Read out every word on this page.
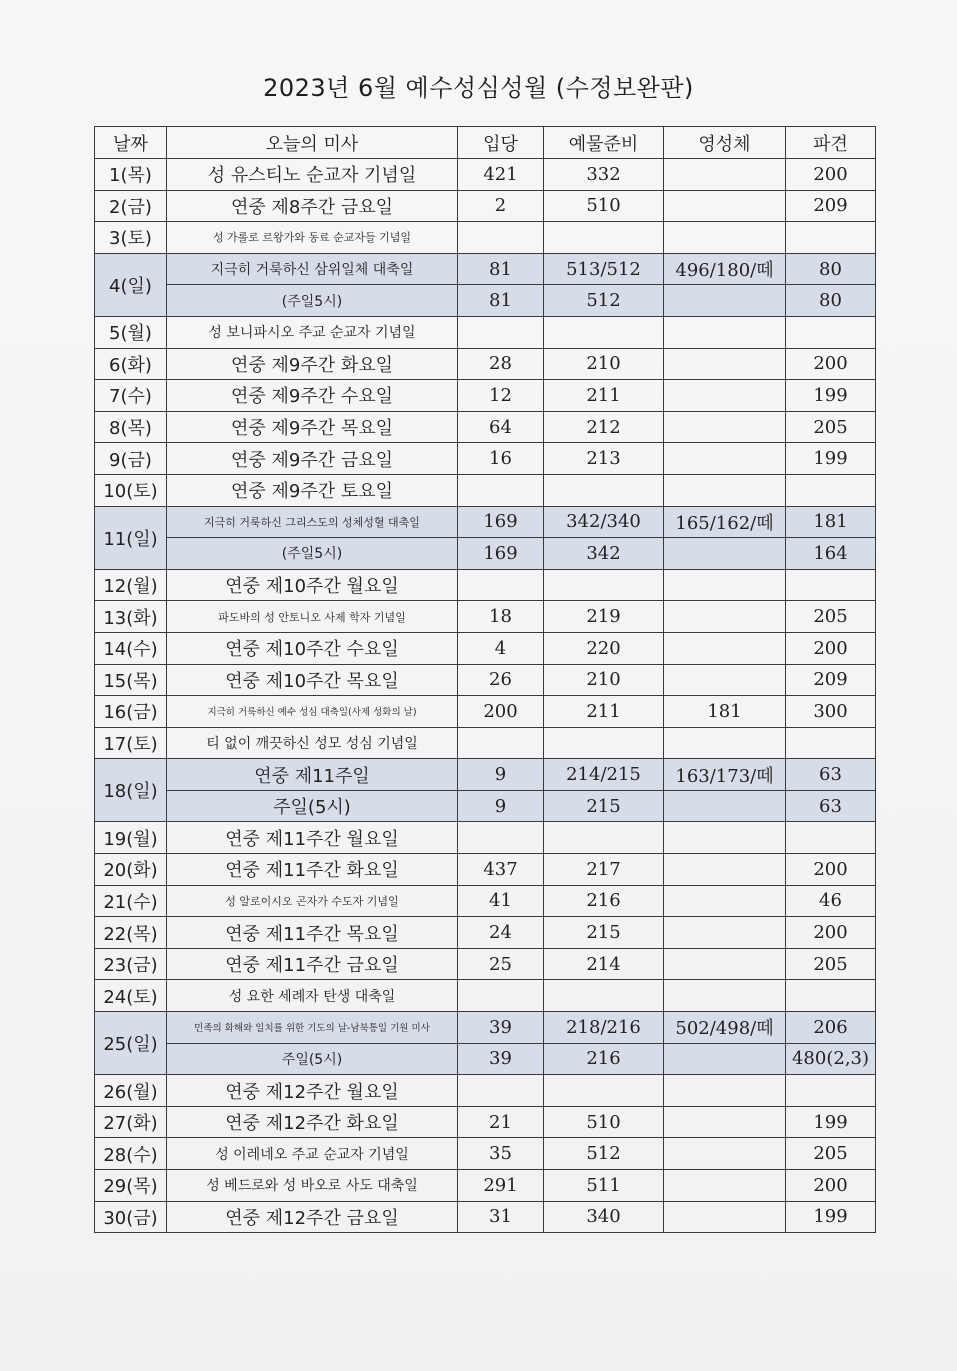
2023년 6월 예수성심성월 (수정보완판)
날짜	오늘의 미사	입당	예물준비	영성체	파견
1(목)	성 유스티노 순교자 기념일	421	332		200
2(금)	연중 제8주간 금요일	2	510		209
3(토)	성 가롤로 르왕가와 동료 순교자들 기념일				
4(일)	지극히 거룩하신 삼위일체 대축일	81	513/512	496/180/떼	80
	(주일5시)	81	512		80
5(월)	성 보니파시오 주교 순교자 기념일				
6(화)	연중 제9주간 화요일	28	210		200
7(수)	연중 제9주간 수요일	12	211		199
8(목)	연중 제9주간 목요일	64	212		205
9(금)	연중 제9주간 금요일	16	213		199
10(토)	연중 제9주간 토요일				
11(일)	지극히 거룩하신 그리스도의 성체성혈 대축일	169	342/340	165/162/떼	181
	(주일5시)	169	342		164
12(월)	연중 제10주간 월요일				
13(화)	파도바의 성 안토니오 사제 학자 기념일	18	219		205
14(수)	연중 제10주간 수요일	4	220		200
15(목)	연중 제10주간 목요일	26	210		209
16(금)	지극히 거룩하신 예수 성심 대축일(사제 성화의 날)	200	211	181	300
17(토)	티 없이 깨끗하신 성모 성심 기념일				
18(일)	연중 제11주일	9	214/215	163/173/떼	63
	주일(5시)	9	215		63
19(월)	연중 제11주간 월요일				
20(화)	연중 제11주간 화요일	437	217		200
21(수)	성 알로이시오 곤자가 수도자 기념일	41	216		46
22(목)	연중 제11주간 목요일	24	215		200
23(금)	연중 제11주간 금요일	25	214		205
24(토)	성 요한 세례자 탄생 대축일				
25(일)	민족의 화해와 일치를 위한 기도의 날-남북통일 기원 미사	39	218/216	502/498/떼	206
	주일(5시)	39	216		480(2,3)
26(월)	연중 제12주간 월요일				
27(화)	연중 제12주간 화요일	21	510		199
28(수)	성 이레네오 주교 순교자 기념일	35	512		205
29(목)	성 베드로와 성 바오로 사도 대축일	291	511		200
30(금)	연중 제12주간 금요일	31	340		199
